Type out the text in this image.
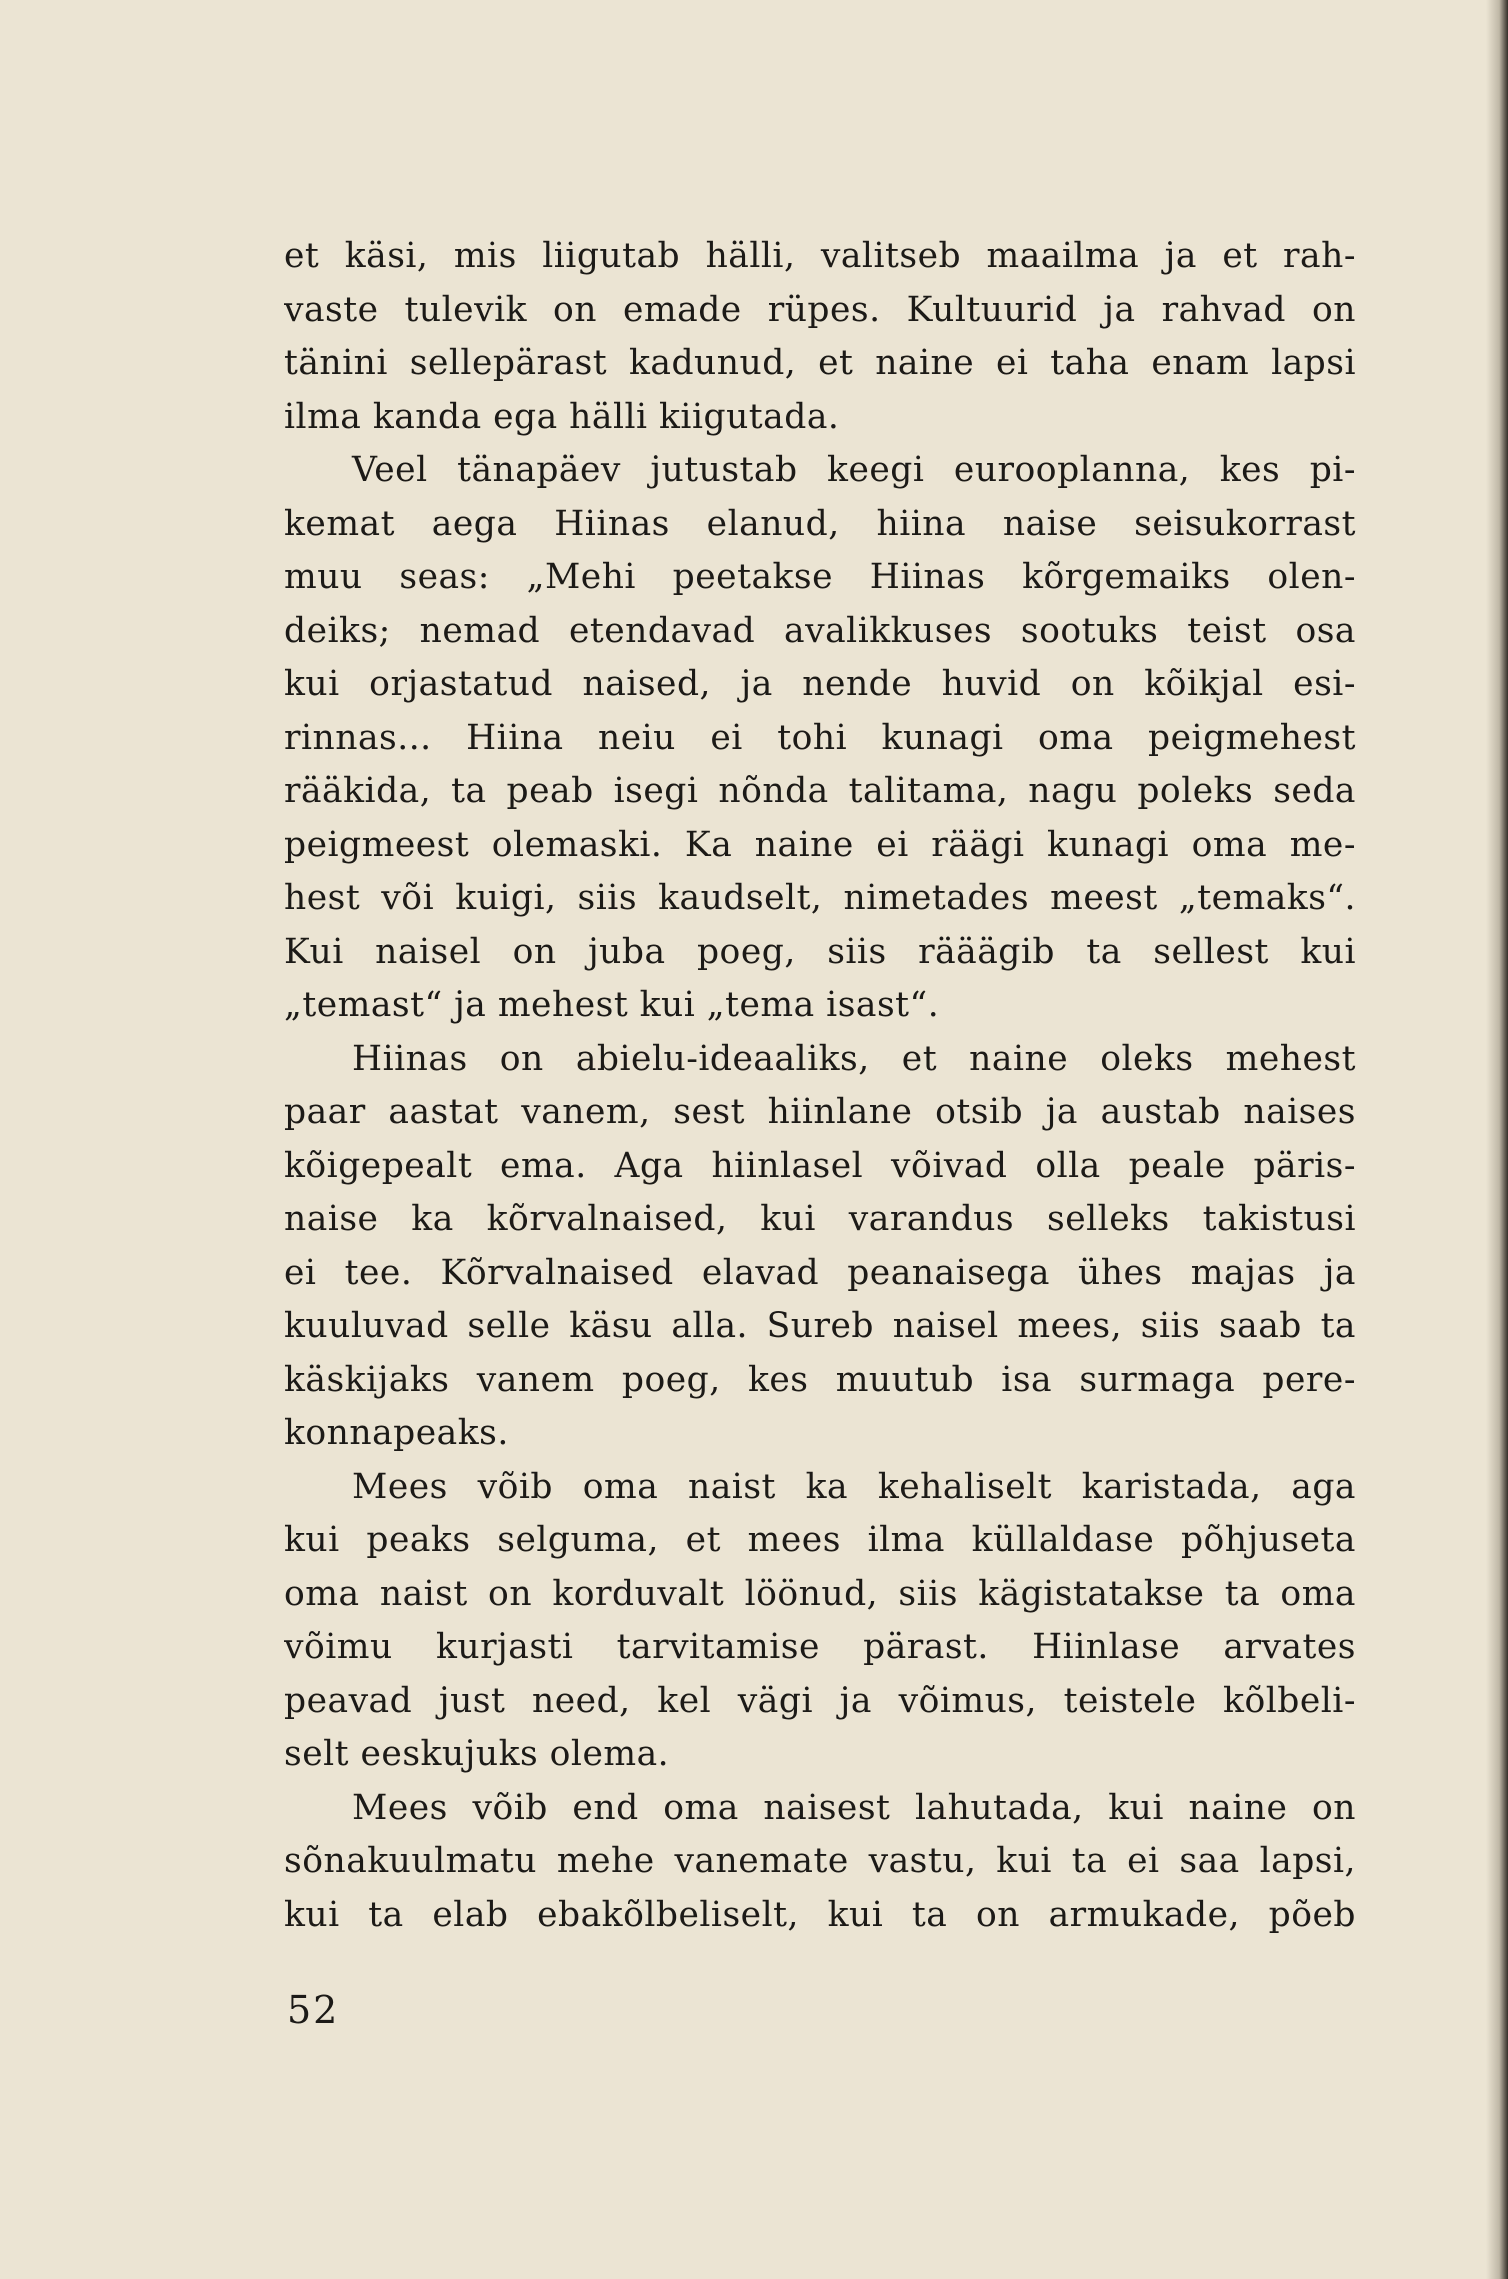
et käsi, mis liigutab hälli, valitseb maailma ja et rah-
vaste tulevik on emade rüpes. Kultuurid ja rahvad on
tänini sellepärast kadunud, et naine ei taha enam lapsi
ilma kanda ega hälli kiigutada.
Veel tänapäev jutustab keegi eurooplanna, kes pi-
kemat aega Hiinas elanud, hiina naise seisukorrast
muu seas: „Mehi peetakse Hiinas kõrgemaiks olen-
deiks; nemad etendavad avalikkuses sootuks teist osa
kui orjastatud naised, ja nende huvid on kõikjal esi-
rinnas... Hiina neiu ei tohi kunagi oma peigmehest
rääkida, ta peab isegi nõnda talitama, nagu poleks seda
peigmeest olemaski. Ka naine ei räägi kunagi oma me-
hest või kuigi, siis kaudselt, nimetades meest „temaks“.
Kui naisel on juba poeg, siis rääägib ta sellest kui
„temast“ ja mehest kui „tema isast“.
Hiinas on abielu-ideaaliks, et naine oleks mehest
paar aastat vanem, sest hiinlane otsib ja austab naises
kõigepealt ema. Aga hiinlasel võivad olla peale päris-
naise ka kõrvalnaised, kui varandus selleks takistusi
ei tee. Kõrvalnaised elavad peanaisega ühes majas ja
kuuluvad selle käsu alla. Sureb naisel mees, siis saab ta
käskijaks vanem poeg, kes muutub isa surmaga pere-
konnapeaks.
Mees võib oma naist ka kehaliselt karistada, aga
kui peaks selguma, et mees ilma küllaldase põhjuseta
oma naist on korduvalt löönud, siis kägistatakse ta oma
võimu kurjasti tarvitamise pärast. Hiinlase arvates
peavad just need, kel vägi ja võimus, teistele kõlbeli-
selt eeskujuks olema.
Mees võib end oma naisest lahutada, kui naine on
sõnakuulmatu mehe vanemate vastu, kui ta ei saa lapsi,
kui ta elab ebakõlbeliselt, kui ta on armukade, põeb
52
